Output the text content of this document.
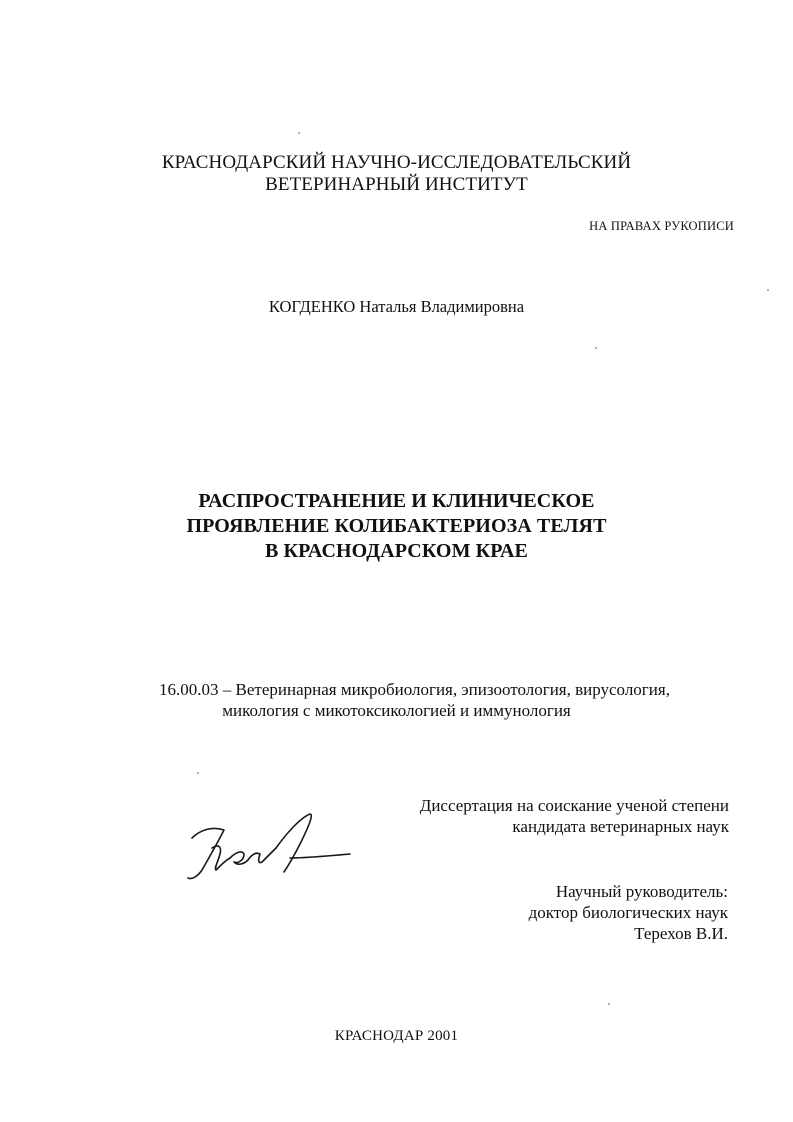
КРАСНОДАРСКИЙ НАУЧНО-ИССЛЕДОВАТЕЛЬСКИЙ
ВЕТЕРИНАРНЫЙ ИНСТИТУТ
НА ПРАВАХ РУКОПИСИ
КОГДЕНКО Наталья Владимировна
РАСПРОСТРАНЕНИЕ И КЛИНИЧЕСКОЕ
ПРОЯВЛЕНИЕ КОЛИБАКТЕРИОЗА ТЕЛЯТ
В КРАСНОДАРСКОМ КРАЕ
16.00.03 – Ветеринарная микробиология, эпизоотология, вирусология,
микология с микотоксикологией и иммунология
Диссертация на соискание ученой степени
кандидата ветеринарных наук
Научный руководитель:
доктор биологических наук
Терехов В.И.
КРАСНОДАР 2001
